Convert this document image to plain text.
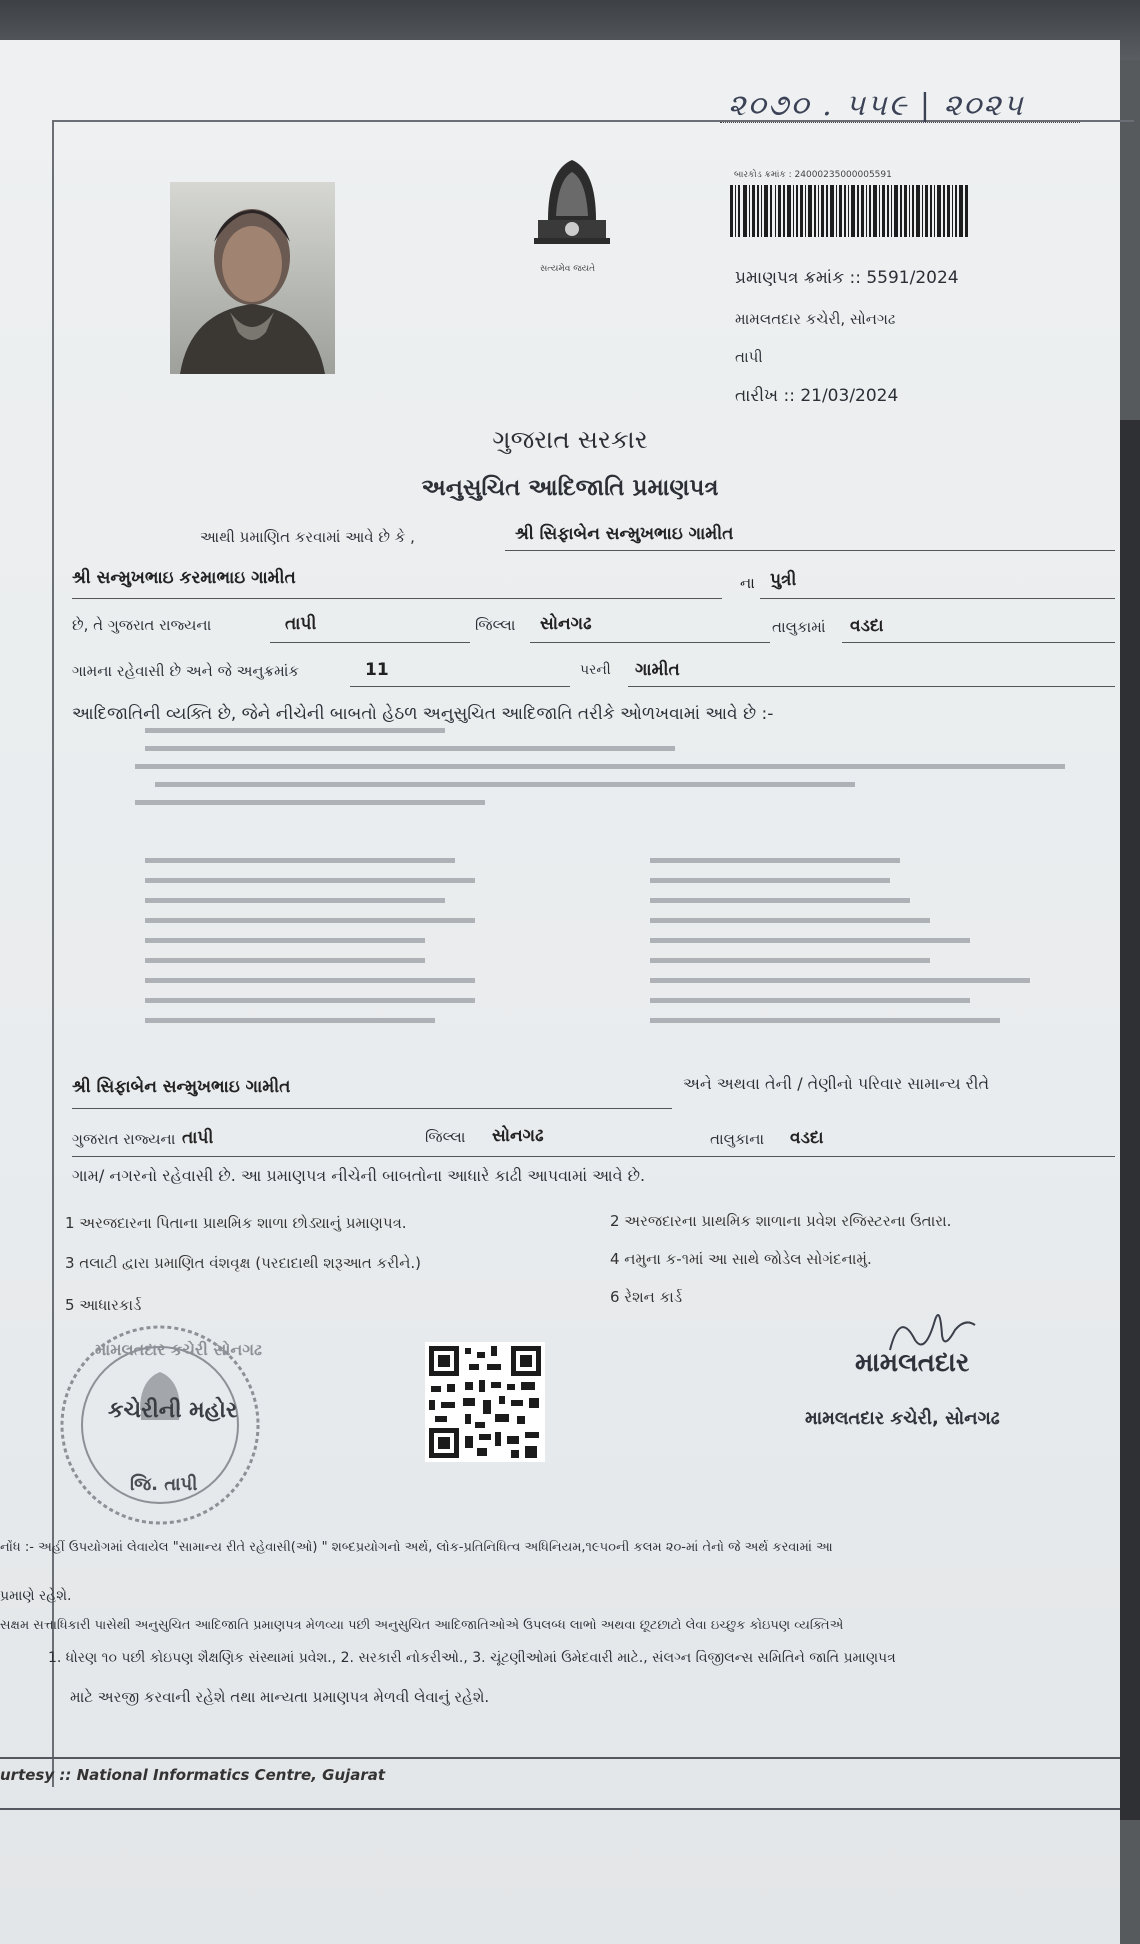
૨૦૭૦ . ૫૫૯ | ૨૦૨૫
સત્યમેવ જયતે
બારકોડ ક્રમાંક : 24000235000005591
પ્રમાણપત્ર ક્રમાંક :: 5591/2024
મામલતદાર કચેરી, સોનગઢ
તાપી
તારીખ :: 21/03/2024
ગુજરાત સરકાર
અનુસુચિત આદિજાતિ પ્રમાણપત્ર
આથી પ્રમાણિત કરવામાં આવે છે કે ,	શ્રી સિફાબેન સન્મુખભાઇ ગામીત
શ્રી સન્મુખભાઇ કરમાભાઇ ગામીત	ના પુત્રી
છે, તે ગુજરાત રાજ્યના	તાપી	જિલ્લા સોનગઢ	તાલુકામાં વડદા
ગામના રહેવાસી છે અને જે અનુક્રમાંક	11	પરની ગામીત
આદિજાતિની વ્યક્તિ છે, જેને નીચેની બાબતો હેઠળ અનુસુચિત આદિજાતિ તરીકે ઓળખવામાં આવે છે :-
શ્રી સિફાબેન સન્મુખભાઇ ગામીત	અને અથવા તેની / તેણીનો પરિવાર સામાન્ય રીતે
ગુજરાત રાજ્યના તાપી	જિલ્લા સોનગઢ	તાલુકાના વડદા
ગામ/ નગરનો રહેવાસી છે. આ પ્રમાણપત્ર નીચેની બાબતોના આધારે કાઢી આપવામાં આવે છે.
1 અરજદારના પિતાના પ્રાથમિક શાળા છોડ્યાનું પ્રમાણપત્ર.	2 અરજદારના પ્રાથમિક શાળાના પ્રવેશ રજિસ્ટરના ઉતારા.
3 તલાટી દ્વારા પ્રમાણિત વંશવૃક્ષ (પરદાદાથી શરૂઆત કરીને.)	4 નમુના ક-૧માં આ સાથે જોડેલ સોગંદનામું.
5 આધારકાર્ડ	6 રેશન કાર્ડ
મામલતદાર કચેરી સોનગઢ
કચેરીની મહોર
જિ. તાપી
મામલતદાર
મામલતદાર કચેરી, સોનગઢ
નોંધ :- અહીં ઉપયોગમાં લેવાયેલ "સામાન્ય રીતે રહેવાસી(ઓ) " શબ્દપ્રયોગનો અર્થ, લોક-પ્રતિનિધિત્વ અધિનિયમ,૧૯૫૦ની કલમ ૨૦-માં તેનો જે અર્થ કરવામાં આ
પ્રમાણે રહેશે.
સક્ષમ સત્તાધિકારી પાસેથી અનુસુચિત આદિજાતિ પ્રમાણપત્ર મેળવ્યા પછી અનુસુચિત આદિજાતિઓએ ઉપલબ્ધ લાભો અથવા છૂટછાટો લેવા ઇચ્છુક કોઇપણ વ્યક્તિએ
1. ધોરણ ૧૦ પછી કોઇપણ શૈક્ષણિક સંસ્થામાં પ્રવેશ., 2. સરકારી નોકરીઓ., 3. ચૂંટણીઓમાં ઉમેદવારી માટે., સંલગ્ન વિજીલન્સ સમિતિને જાતિ પ્રમાણપત્ર
માટે અરજી કરવાની રહેશે તથા માન્યતા પ્રમાણપત્ર મેળવી લેવાનું રહેશે.
urtesy :: National Informatics Centre, Gujarat
